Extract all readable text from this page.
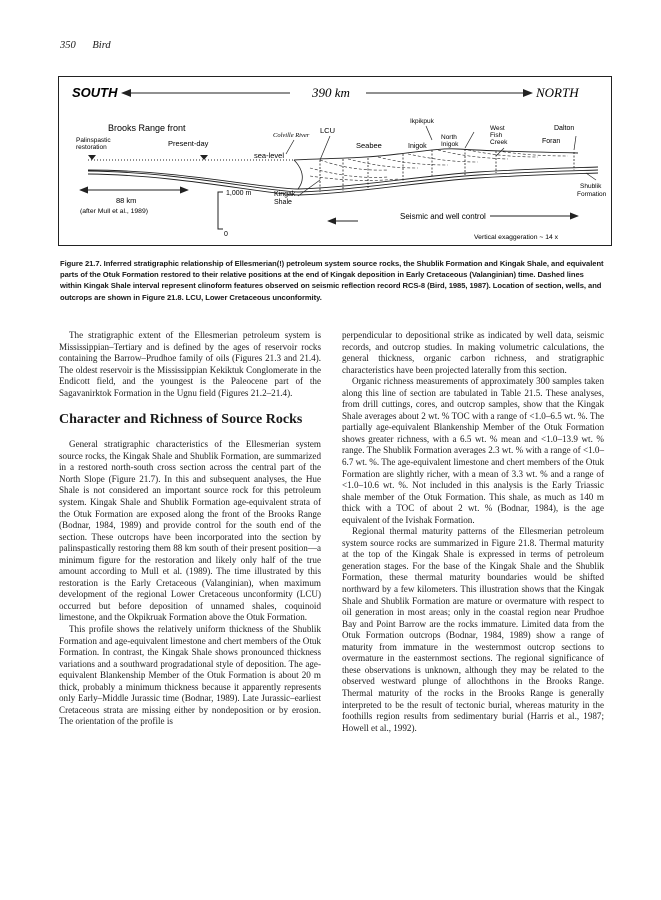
350 Bird
SOUTH	390 km	NORTH
Brooks Range front
Palinspastic restoration	Present-day
Colville River
sea-level
LCU
Seabee	Inigok
Ikpikpuk
North Inigok
West Fish Creek
Dalton
Foran
Shublik Formation
88 km
(after Mull et al., 1989)
1,000 m
0
Kingak Shale
Seismic and well control
Vertical exaggeration ~ 14 x
Figure 21.7. Inferred stratigraphic relationship of Ellesmerian(!) petroleum system source rocks, the Shublik Formation and Kingak Shale, and equivalent parts of the Otuk Formation restored to their relative positions at the end of Kingak deposition in Early Cretaceous (Valanginian) time. Dashed lines within Kingak Shale interval represent clinoform features observed on seismic reflection record RCS-8 (Bird, 1985, 1987). Location of section, wells, and outcrops are shown in Figure 21.8. LCU, Lower Cretaceous unconformity.

The stratigraphic extent of the Ellesmerian petroleum system is Mississippian–Tertiary and is defined by the ages of reservoir rocks containing the Barrow–Prudhoe family of oils (Figures 21.3 and 21.4). The oldest reservoir is the Mississippian Kekiktuk Conglomerate in the Endicott field, and the youngest is the Paleocene part of the Sagavanirktok Formation in the Ugnu field (Figures 21.2–21.4).

Character and Richness of Source Rocks

General stratigraphic characteristics of the Ellesmerian system source rocks, the Kingak Shale and Shublik Formation, are summarized in a restored north-south cross section across the central part of the North Slope (Figure 21.7). In this and subsequent analyses, the Hue Shale is not considered an important source rock for this petroleum system. Kingak Shale and Shublik Formation age-equivalent strata of the Otuk Formation are exposed along the front of the Brooks Range (Bodnar, 1984, 1989) and provide control for the south end of the section. These outcrops have been incorporated into the section by palinspastically restoring them 88 km south of their present position—a minimum figure for the restoration and likely only half of the true amount according to Mull et al. (1989). The time illustrated by this restoration is the Early Cretaceous (Valanginian), when maximum development of the regional Lower Cretaceous unconformity (LCU) occurred but before deposition of unnamed shales, coquinoid limestone, and the Okpikruak Formation above the Otuk Formation.

This profile shows the relatively uniform thickness of the Shublik Formation and age-equivalent limestone and chert members of the Otuk Formation. In contrast, the Kingak Shale shows pronounced thickness variations and a southward progradational style of deposition. The age-equivalent Blankenship Member of the Otuk Formation is about 20 m thick, probably a minimum thickness because it apparently represents only Early–Middle Jurassic time (Bodnar, 1989). Late Jurassic–earliest Cretaceous strata are missing either by nondeposition or by erosion. The orientation of the profile is

perpendicular to depositional strike as indicated by well data, seismic records, and outcrop studies. In making volumetric calculations, the general thickness, organic carbon richness, and stratigraphic characteristics have been projected laterally from this section.

Organic richness measurements of approximately 300 samples taken along this line of section are tabulated in Table 21.5. These analyses, from drill cuttings, cores, and outcrop samples, show that the Kingak Shale averages about 2 wt. % TOC with a range of <1.0–6.5 wt. %. The partially age-equivalent Blankenship Member of the Otuk Formation shows greater richness, with a 6.5 wt. % mean and <1.0–13.9 wt. % range. The Shublik Formation averages 2.3 wt. % with a range of <1.0–6.7 wt. %. The age-equivalent limestone and chert members of the Otuk Formation are slightly richer, with a mean of 3.3 wt. % and a range of <1.0–10.6 wt. %. Not included in this analysis is the Early Triassic shale member of the Otuk Formation. This shale, as much as 140 m thick with a TOC of about 2 wt. % (Bodnar, 1984), is the age equivalent of the Ivishak Formation.

Regional thermal maturity patterns of the Ellesmerian petroleum system source rocks are summarized in Figure 21.8. Thermal maturity at the top of the Kingak Shale is expressed in terms of petroleum generation stages. For the base of the Kingak Shale and the Shublik Formation, these thermal maturity boundaries would be shifted northward by a few kilometers. This illustration shows that the Kingak Shale and Shublik Formation are mature or overmature with respect to oil generation in most areas; only in the coastal region near Prudhoe Bay and Point Barrow are the rocks immature. Limited data from the Otuk Formation outcrops (Bodnar, 1984, 1989) show a range of maturity from immature in the westernmost outcrop sections to overmature in the easternmost sections. The regional significance of these observations is unknown, although they may be related to the observed westward plunge of allochthons in the Brooks Range. Thermal maturity of the rocks in the Brooks Range is generally interpreted to be the result of tectonic burial, whereas maturity in the foothills region results from sedimentary burial (Harris et al., 1987; Howell et al., 1992).
